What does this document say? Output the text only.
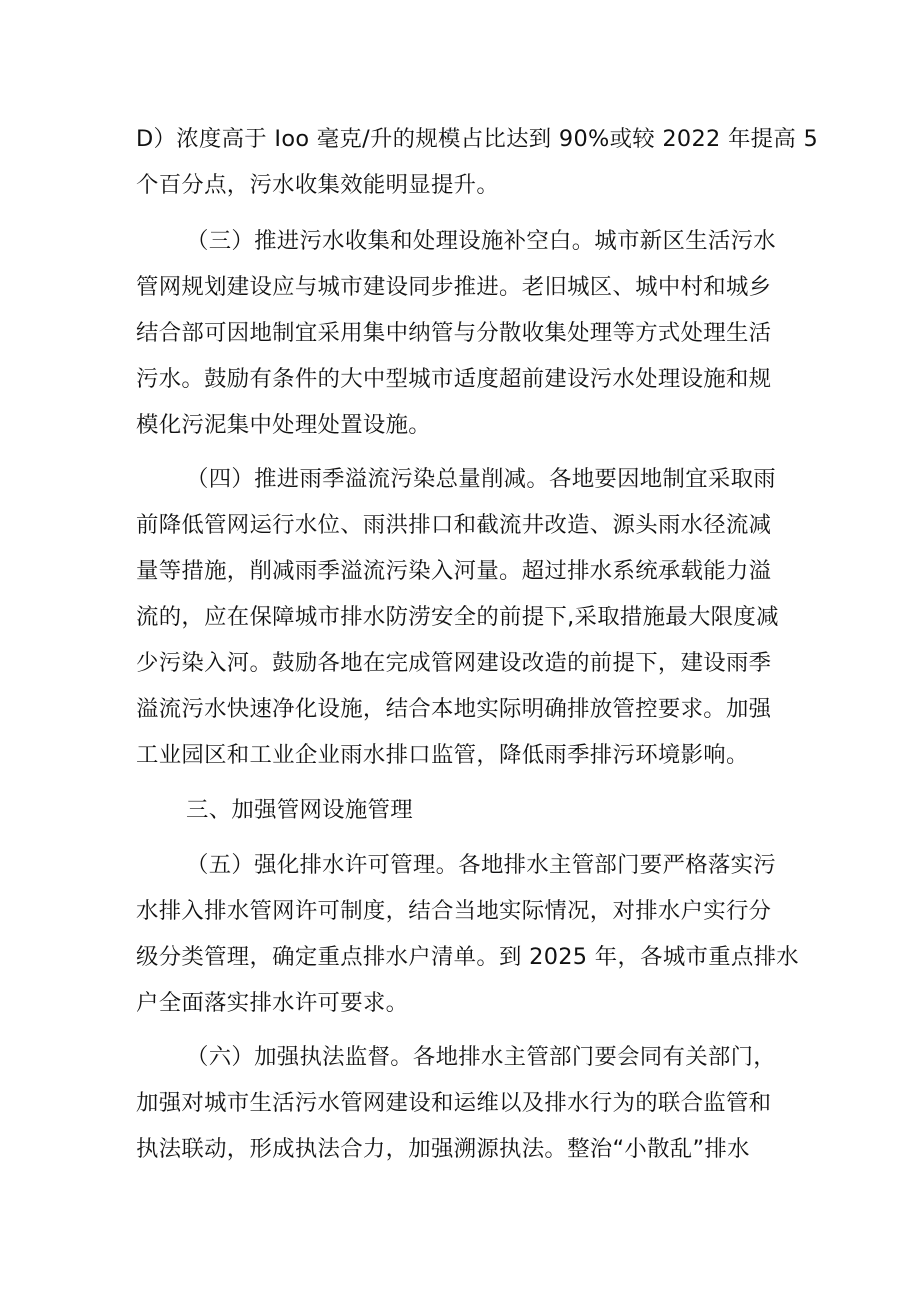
D）浓度高于 Ioo 毫克/升的规模占比达到 90%或较 2022 年提高 5
个百分点，污水收集效能明显提升。
（三）推进污水收集和处理设施补空白。城市新区生活污水
管网规划建设应与城市建设同步推进。老旧城区、城中村和城乡
结合部可因地制宜采用集中纳管与分散收集处理等方式处理生活
污水。鼓励有条件的大中型城市适度超前建设污水处理设施和规
模化污泥集中处理处置设施。
（四）推进雨季溢流污染总量削减。各地要因地制宜采取雨
前降低管网运行水位、雨洪排口和截流井改造、源头雨水径流减
量等措施，削减雨季溢流污染入河量。超过排水系统承载能力溢
流的，应在保障城市排水防涝安全的前提下,采取措施最大限度减
少污染入河。鼓励各地在完成管网建设改造的前提下，建设雨季
溢流污水快速净化设施，结合本地实际明确排放管控要求。加强
工业园区和工业企业雨水排口监管，降低雨季排污环境影响。
三、加强管网设施管理
（五）强化排水许可管理。各地排水主管部门要严格落实污
水排入排水管网许可制度，结合当地实际情况，对排水户实行分
级分类管理，确定重点排水户清单。到 2025 年，各城市重点排水
户全面落实排水许可要求。
（六）加强执法监督。各地排水主管部门要会同有关部门，
加强对城市生活污水管网建设和运维以及排水行为的联合监管和
执法联动，形成执法合力，加强溯源执法。整治“小散乱”排水
